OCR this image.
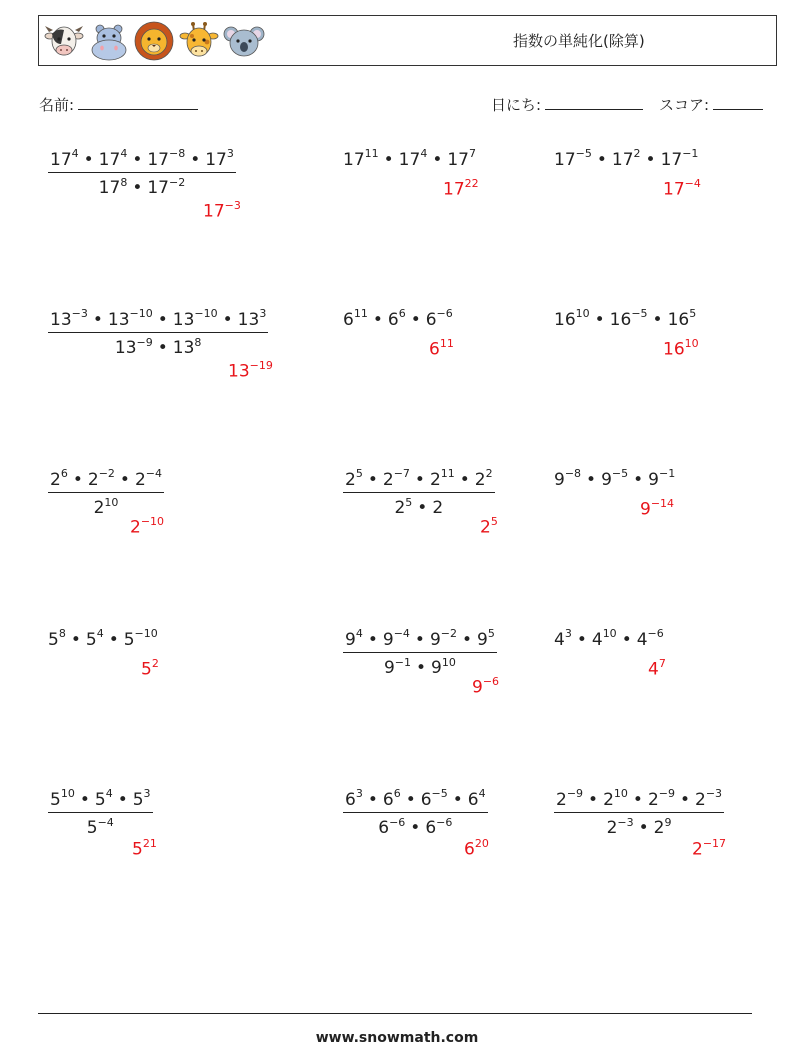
指数の単純化(除算)
名前:	日にち:	スコア:
$\frac{17^4 • 17^4 • 17^{-8} • 17^3}{17^8 • 17^{-2}}$
$17^{-3}$
$17^{11}$ • $17^4$ • $17^7$
$17^{22}$
$17^{-5}$ • $17^2$ • $17^{-1}$
$17^{-4}$
$\frac{13^{-3} • 13^{-10} • 13^{-10} • 13^3}{13^{-9} • 13^8}$
$13^{-19}$
$6^{11}$ • $6^6$ • $6^{-6}$
$6^{11}$
$16^{10}$ • $16^{-5}$ • $16^5$
$16^{10}$
$\frac{2^6 • 2^{-2} • 2^{-4}}{2^{10}}$
$2^{-10}$
$\frac{2^5 • 2^{-7} • 2^{11} • 2^2}{2^5 • 2}$
$2^5$
$9^{-8}$ • $9^{-5}$ • $9^{-1}$
$9^{-14}$
$5^8$ • $5^4$ • $5^{-10}$
$5^2$	$\frac{9^4 • 9^{-4} • 9^{-2} • 9^5}{9^{-1} • 9^{10}}$
$9^{-6}$
$4^3$ • $4^{10}$ • $4^{-6}$
$4^7$
$\frac{5^{10} • 5^4 • 5^3}{5^{-4}}$
$5^{21}$
$\frac{6^3 • 6^6 • 6^{-5} • 6^4}{6^{-6} • 6^{-6}}$
$6^{20}$
$\frac{2^{-9} • 2^{10} • 2^{-9} • 2^{-3}}{2^{-3} • 2^9}$
$2^{-17}$
www.snowmath.com
